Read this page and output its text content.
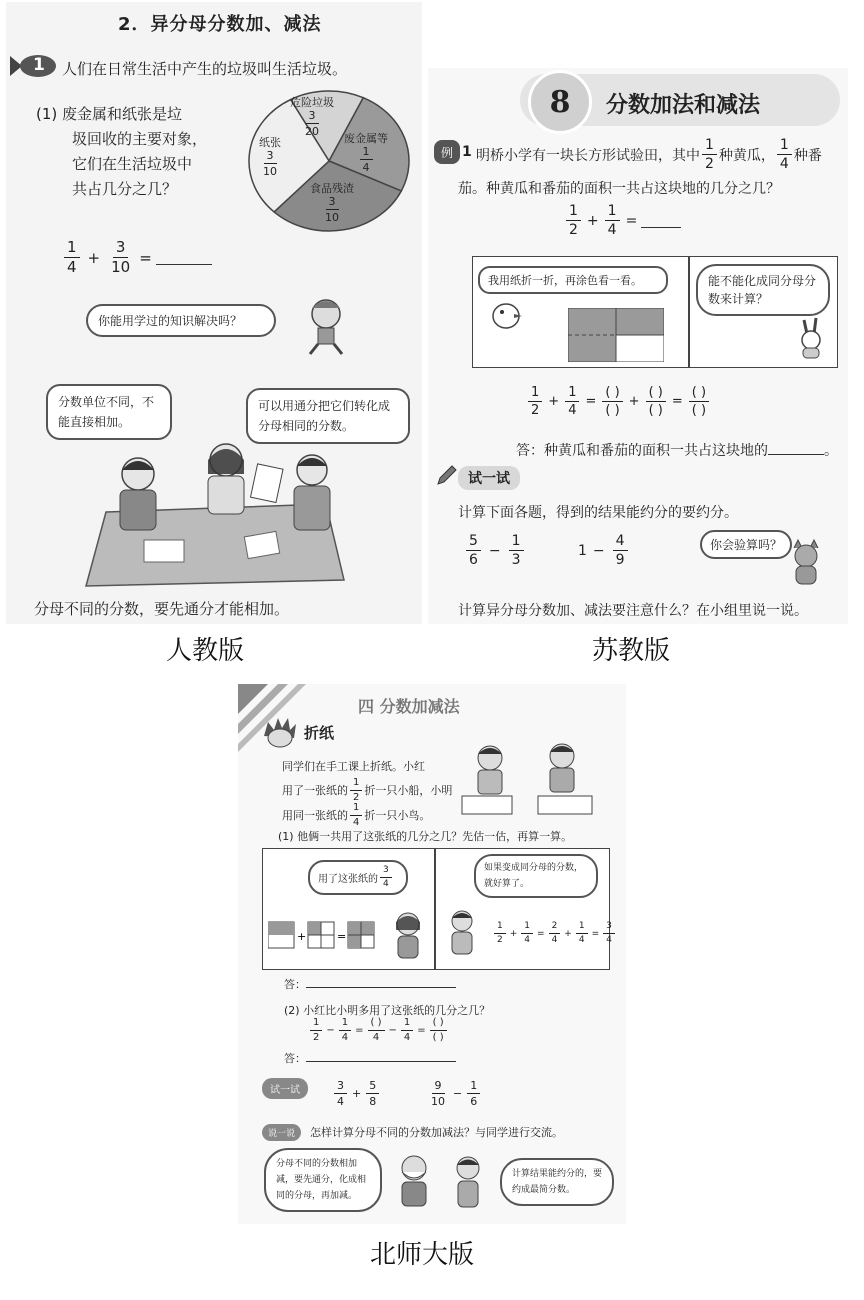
2．异分母分数加、减法
1 人们在日常生活中产生的垃圾叫生活垃圾。
(1) 废金属和纸张是垃
圾回收的主要对象，
它们在生活垃圾中
共占几分之几？
危险垃圾
$\frac{3}{20}$
废金属等
$\frac{1}{4}$
食品残渣
$\frac{3}{10}$
纸张
$\frac{3}{10}$
$\frac{1}{4} + \frac{3}{10}$ =
你能用学过的知识解决吗？
分数单位不同，不能直接相加。
可以用通分把它们转化成分母相同的分数。
分母不同的分数，要先通分才能相加。
人教版
8 分数加法和减法
例 1 明桥小学有一块长方形试验田，其中 $\frac{1}{2}$ 种黄瓜， $\frac{1}{4}$ 种番
茄。种黄瓜和番茄的面积一共占这块地的几分之几？
$\frac{1}{2} + \frac{1}{4}$ =
我用纸折一折，再涂色看一看。	能不能化成同分母分数来计算？
$\frac{1}{2} + \frac{1}{4} = \frac{( )}{( )} + \frac{( )}{( )} = \frac{( )}{( )}$
答：种黄瓜和番茄的面积一共占这块地的	。
试一试
计算下面各题，得到的结果能约分的要约分。
$\frac{5}{6} - \frac{1}{3}$	$1 - \frac{4}{9}$	你会验算吗？
计算异分母分数加、减法要注意什么？在小组里说一说。
苏教版
四 分数加减法
折纸
同学们在手工课上折纸。小红
用了一张纸的 $\frac{1}{2}$ 折一只小船，小明
用同一张纸的 $\frac{1}{4}$ 折一只小鸟。
(1) 他俩一共用了这张纸的几分之几？先估一估，再算一算。
用了这张纸的 $\frac{3}{4}$
+	=
如果变成同分母的分数，就好算了。
$\frac{1}{2} + \frac{1}{4} = \frac{2}{4} + \frac{1}{4} = \frac{3}{4}$
答：
(2) 小红比小明多用了这张纸的几分之几？
$\frac{1}{2} - \frac{1}{4} = \frac{( )}{4} - \frac{1}{4} = \frac{( )}{( )}$
答：
试一试	$\frac{3}{4} + \frac{5}{8}$	$\frac{9}{10} - \frac{1}{6}$
说一说	怎样计算分母不同的分数加减法？与同学进行交流。
分母不同的分数相加减，要先通分，化成相同的分母，再加减。
计算结果能约分的，要约成最简分数。
北师大版
